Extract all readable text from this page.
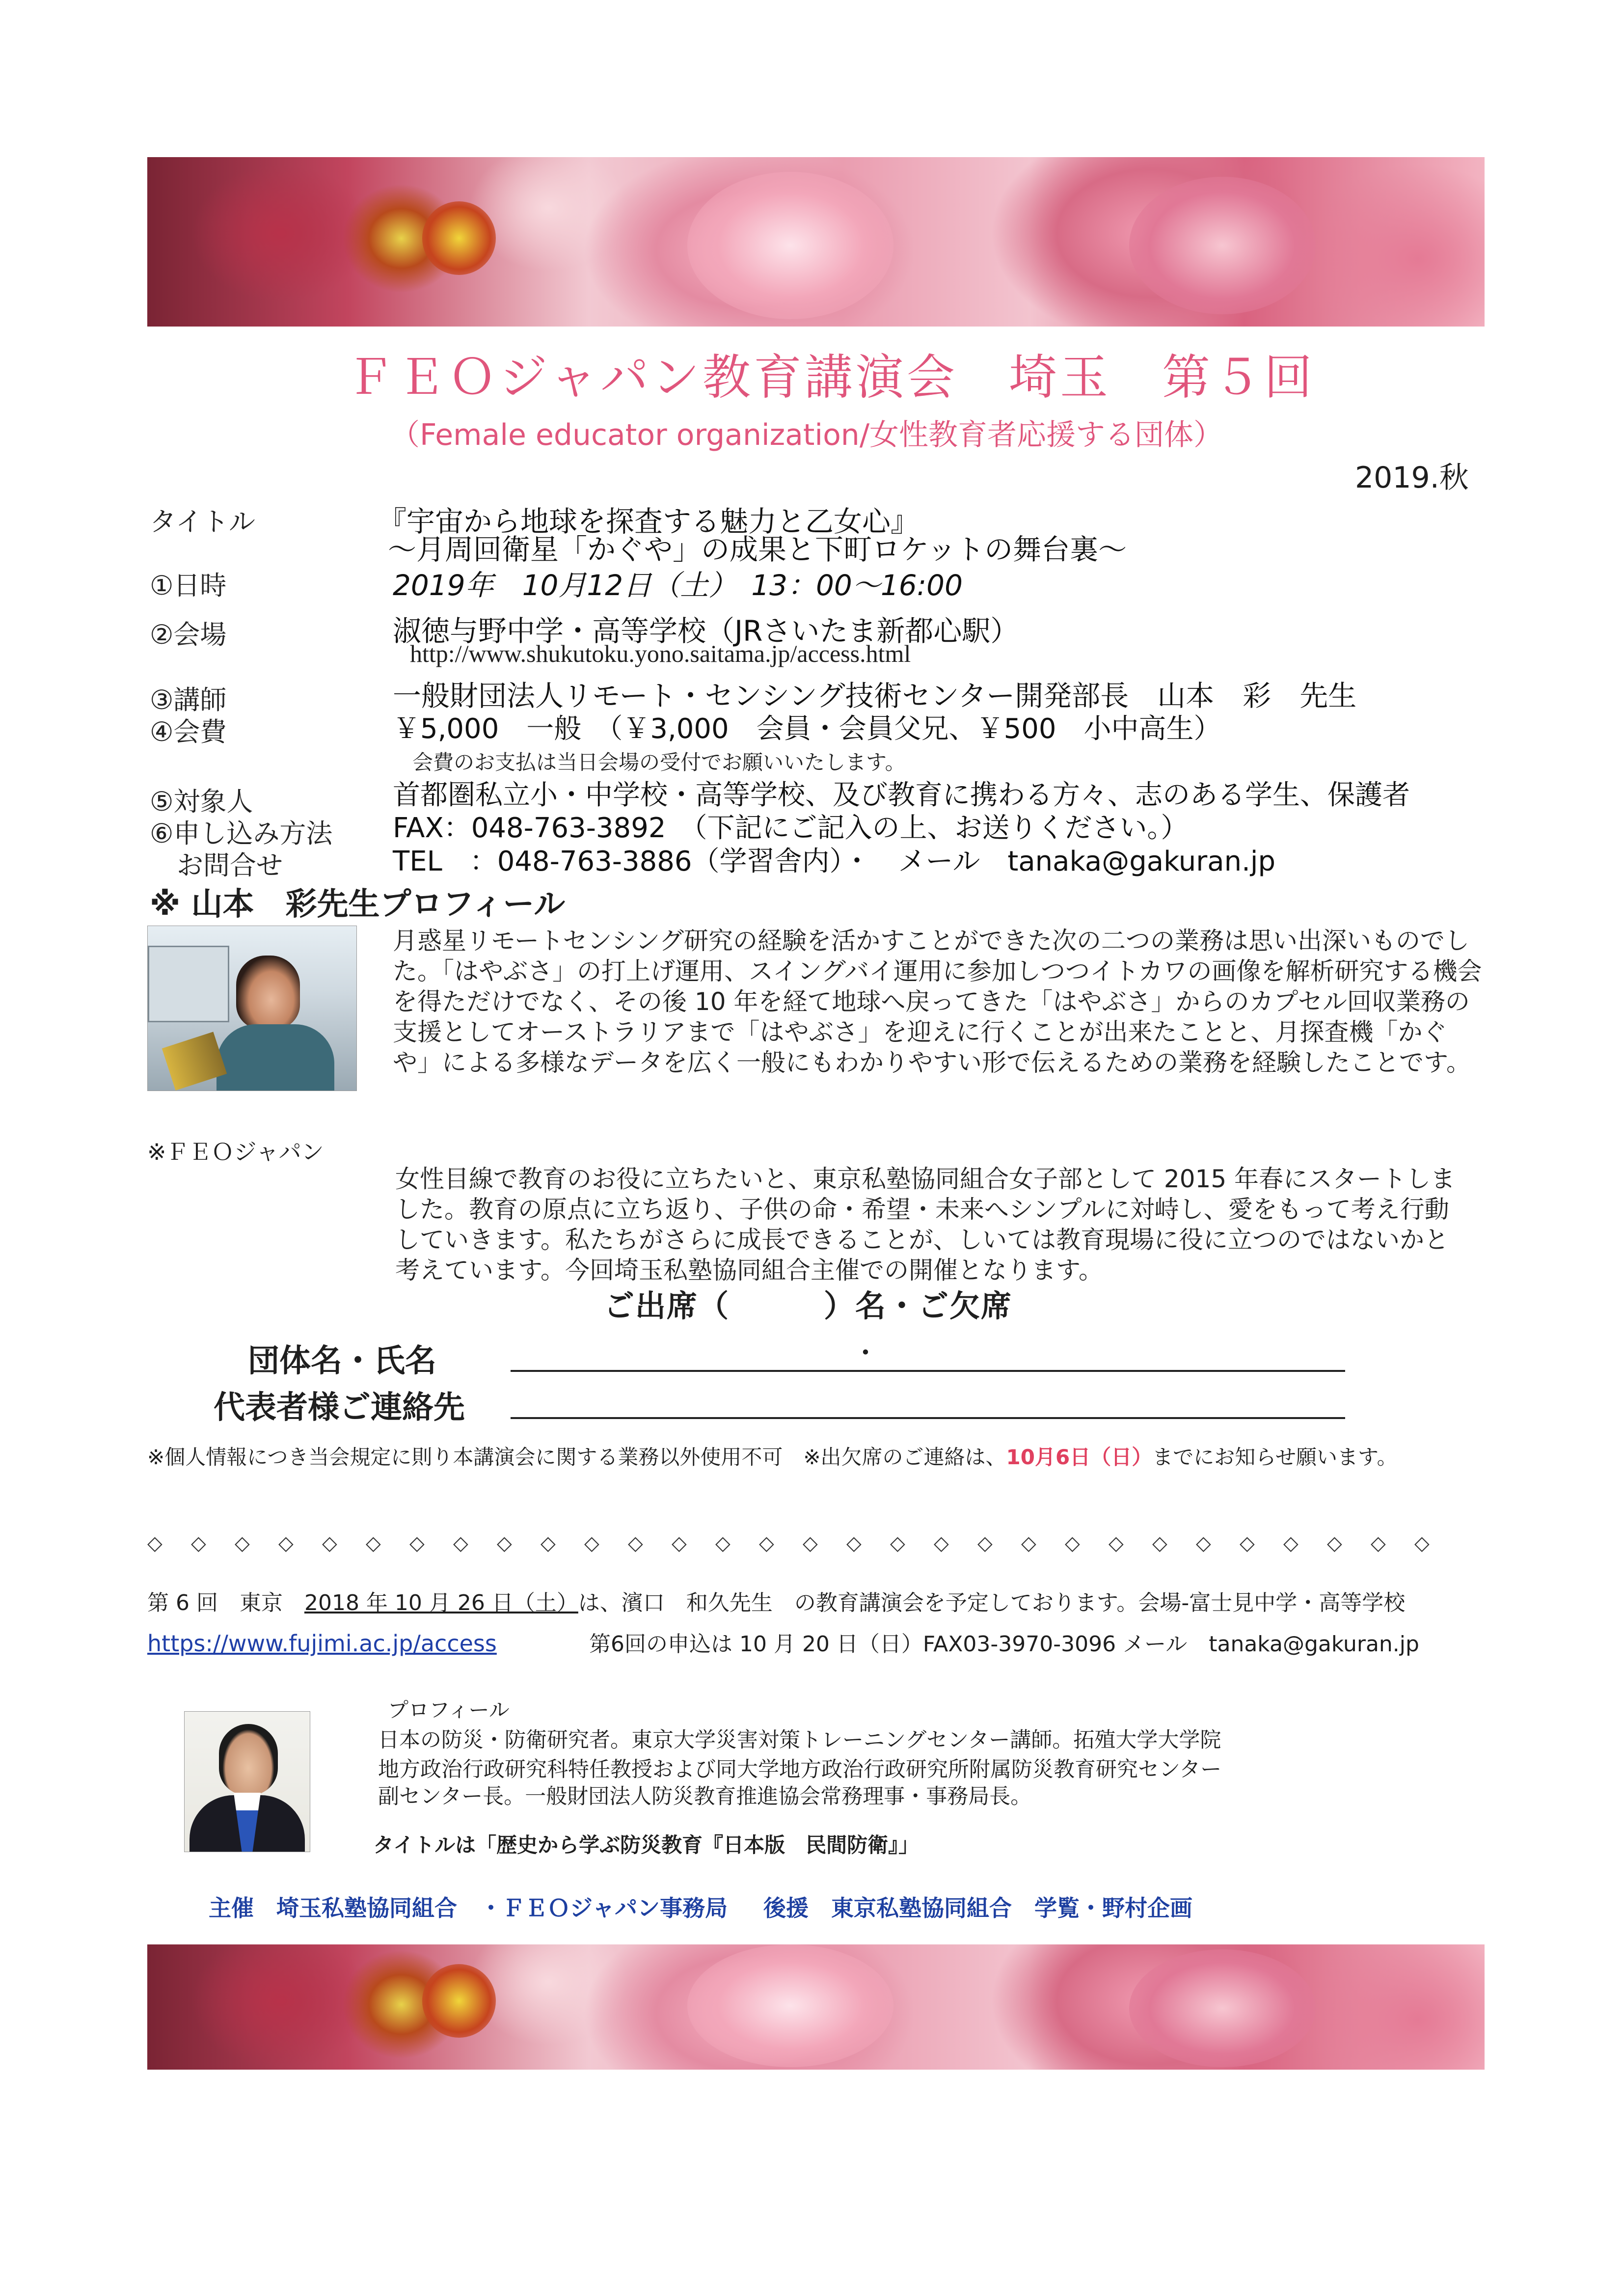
ＦＥＯジャパン教育講演会　埼玉　第５回
（Female educator organization/女性教育者応援する団体）
2019.秋
タイトル	『宇宙から地球を探査する魅力と乙女心』
～月周回衛星「かぐや」の成果と下町ロケットの舞台裏～
①日時	2019年　10月12日（土）　13：00～16:00
②会場	淑徳与野中学・高等学校（JRさいたま新都心駅）
http://www.shukutoku.yono.saitama.jp/access.html
③講師	一般財団法人リモート・センシング技術センター開発部長　山本　彩　先生
④会費	￥5,000　一般　（￥3,000　会員・会員父兄、￥500　小中高生）
会費のお支払は当日会場の受付でお願いいたします。
⑤対象人	首都圏私立小・中学校・高等学校、及び教育に携わる方々、志のある学生、保護者
⑥申し込み方法 FAX：048-763-3892　（下記にご記入の上、お送りください。）
お問合せ	TEL　：048-763-3886（学習舎内）・　メール　tanaka@gakuran.jp
※ 山本　彩先生プロフィール
月惑星リモートセンシング研究の経験を活かすことができた次の二つの業務は思い出深いものでした。「はやぶさ」の打上げ運用、スイングバイ運用に参加しつつイトカワの画像を解析研究する機会を得ただけでなく、その後 10 年を経て地球へ戻ってきた「はやぶさ」からのカプセル回収業務の支援としてオーストラリアまで「はやぶさ」を迎えに行くことが出来たことと、月探査機「かぐや」による多様なデータを広く一般にもわかりやすい形で伝えるための業務を経験したことです。
※ＦＥＯジャパン
女性目線で教育のお役に立ちたいと、東京私塾協同組合女子部として 2015 年春にスタートしました。教育の原点に立ち返り、子供の命・希望・未来へシンプルに対峙し、愛をもって考え行動していきます。私たちがさらに成長できることが、しいては教育現場に役に立つのではないかと考えています。今回埼玉私塾協同組合主催での開催となります。
ご出席（　　　）名・ご欠席
団体名・氏名	・
代表者様ご連絡先
※個人情報につき当会規定に則り本講演会に関する業務以外使用不可　※出欠席のご連絡は、10月6日（日）までにお知らせ願います。
◇	◇	◇	◇	◇	◇	◇	◇	◇	◇	◇	◇	◇	◇	◇	◇	◇	◇	◇	◇	◇	◇	◇	◇	◇	◇	◇	◇	◇	◇
第 6 回　東京　2018 年 10 月 26 日（土）は、濱口　和久先生　の教育講演会を予定しております。会場-富士見中学・高等学校
https://www.fujimi.ac.jp/access	第6回の申込は 10 月 20 日（日）FAX03-3970-3096 メール　tanaka@gakuran.jp
プロフィール
日本の防災・防衛研究者。東京大学災害対策トレーニングセンター講師。拓殖大学大学院
地方政治行政研究科特任教授および同大学地方政治行政研究所附属防災教育研究センター
副センター長。一般財団法人防災教育推進協会常務理事・事務局長。
タイトルは「歴史から学ぶ防災教育『日本版　民間防衛』」
主催　埼玉私塾協同組合　・ＦＥＯジャパン事務局 後援　東京私塾協同組合　学覧・野村企画
